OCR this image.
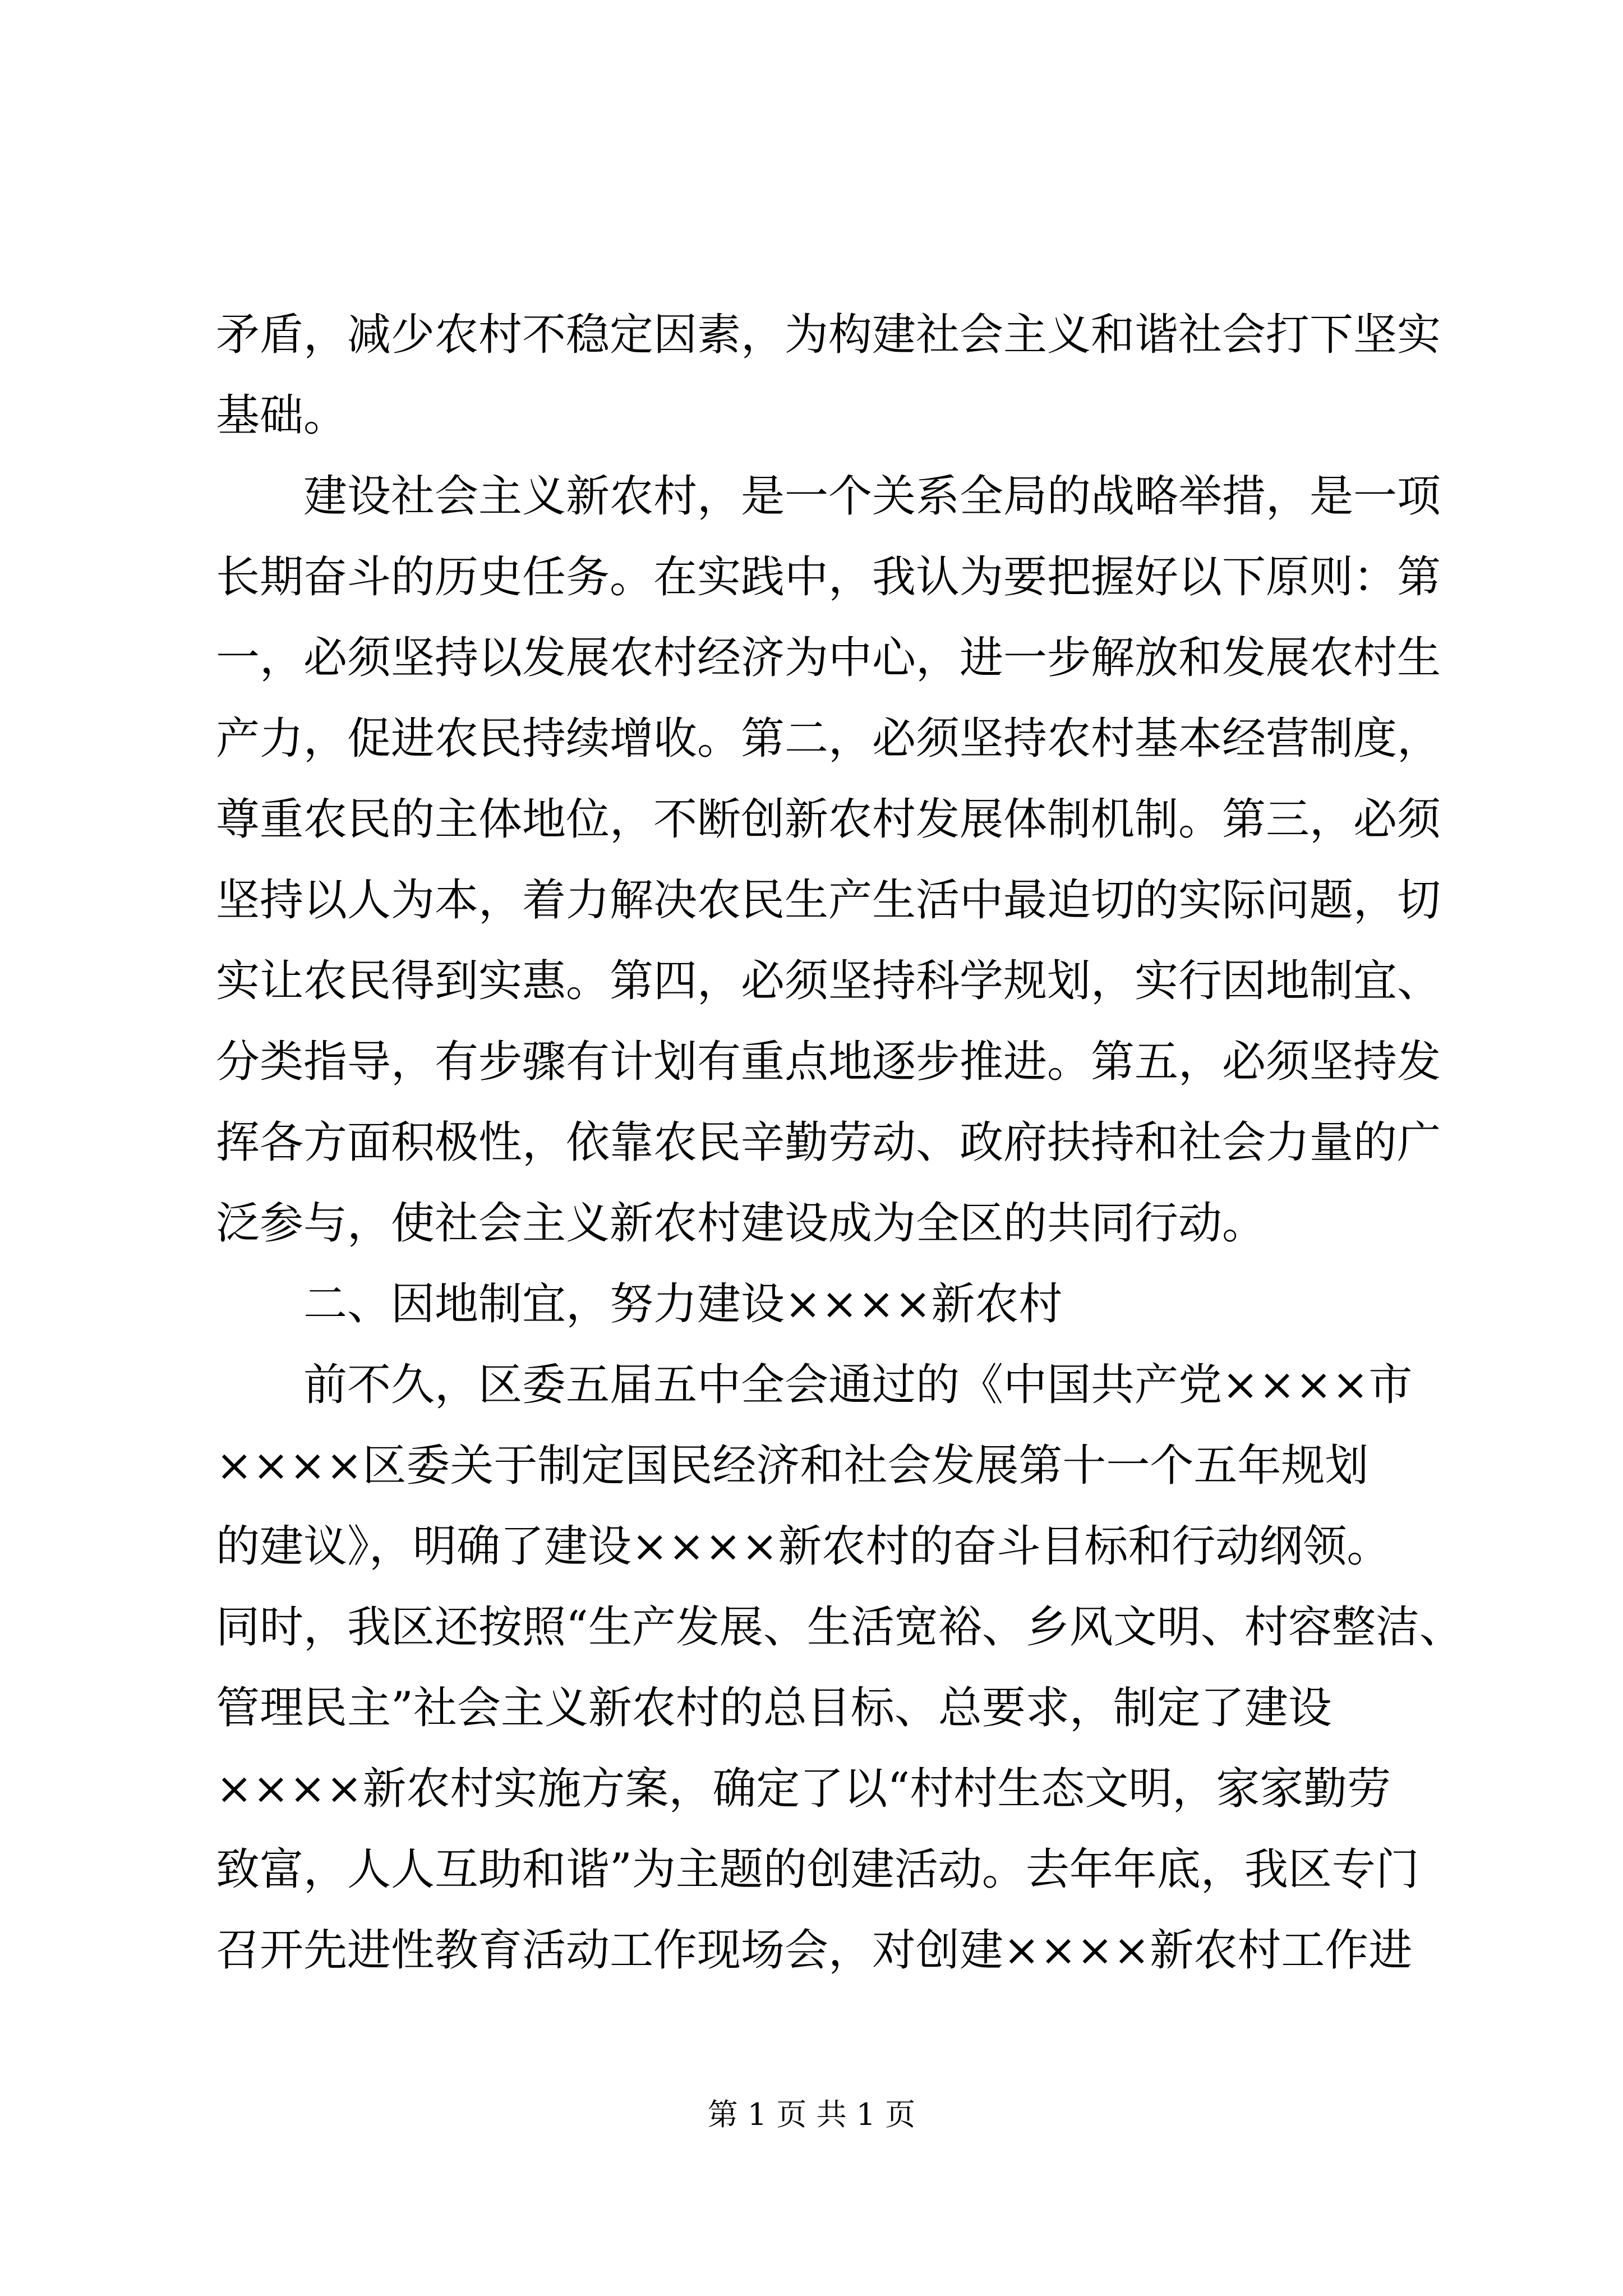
矛盾，减少农村不稳定因素，为构建社会主义和谐社会打下坚实
基础。
　　建设社会主义新农村，是一个关系全局的战略举措，是一项
长期奋斗的历史任务。在实践中，我认为要把握好以下原则：第
一，必须坚持以发展农村经济为中心，进一步解放和发展农村生
产力，促进农民持续增收。第二，必须坚持农村基本经营制度，
尊重农民的主体地位，不断创新农村发展体制机制。第三，必须
坚持以人为本，着力解决农民生产生活中最迫切的实际问题，切
实让农民得到实惠。第四，必须坚持科学规划，实行因地制宜、
分类指导，有步骤有计划有重点地逐步推进。第五，必须坚持发
挥各方面积极性，依靠农民辛勤劳动、政府扶持和社会力量的广
泛参与，使社会主义新农村建设成为全区的共同行动。
　　二、因地制宜，努力建设××××新农村
　　前不久，区委五届五中全会通过的《中国共产党××××市
××××区委关于制定国民经济和社会发展第十一个五年规划
的建议》，明确了建设××××新农村的奋斗目标和行动纲领。
同时，我区还按照“生产发展、生活宽裕、乡风文明、村容整洁、
管理民主”社会主义新农村的总目标、总要求，制定了建设
××××新农村实施方案，确定了以“村村生态文明，家家勤劳
致富，人人互助和谐”为主题的创建活动。去年年底，我区专门
召开先进性教育活动工作现场会，对创建××××新农村工作进
第 1 页 共 1 页
